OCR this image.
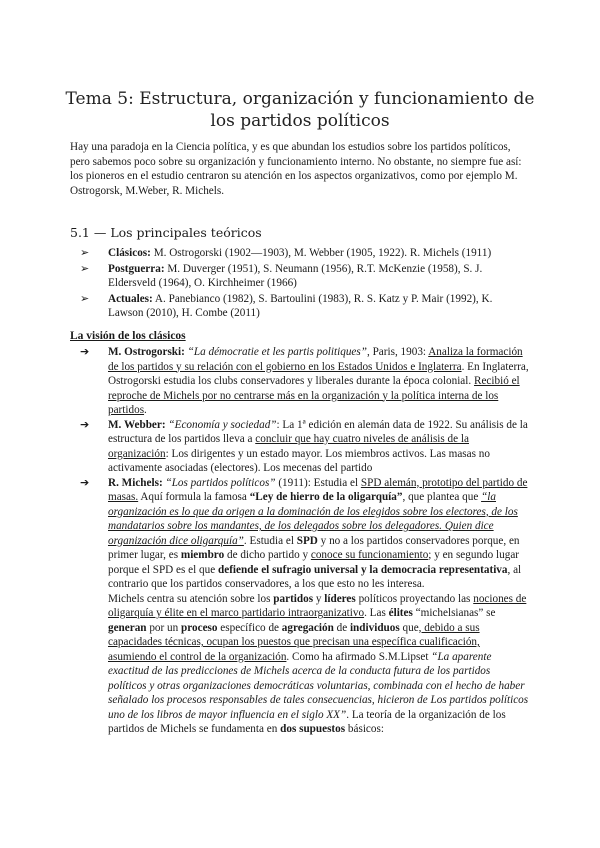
Tema 5: Estructura, organización y funcionamiento de los partidos políticos

Hay una paradoja en la Ciencia política, y es que abundan los estudios sobre los partidos políticos, pero sabemos poco sobre su organización y funcionamiento interno. No obstante, no siempre fue así: los pioneros en el estudio centraron su atención en los aspectos organizativos, como por ejemplo M. Ostrogorsk, M.Weber, R. Michels.

5.1 — Los principales teóricos
➢ Clásicos: M. Ostrogorski (1902—1903), M. Webber (1905, 1922). R. Michels (1911)
➢ Postguerra: M. Duverger (1951), S. Neumann (1956), R.T. McKenzie (1958), S. J. Eldersveld (1964), O. Kirchheimer (1966)
➢ Actuales: A. Panebianco (1982), S. Bartoulini (1983), R. S. Katz y P. Mair (1992), K. Lawson (2010), H. Combe (2011)

La visión de los clásicos

➔ M. Ostrogorski: “La démocratie et les partis politiques”, Paris, 1903: Analiza la formación de los partidos y su relación con el gobierno en los Estados Unidos e Inglaterra. En Inglaterra, Ostrogorski estudia los clubs conservadores y liberales durante la época colonial. Recibió el reproche de Michels por no centrarse más en la organización y la política interna de los partidos.
➔ M. Webber: “Economía y sociedad”: La 1ª edición en alemán data de 1922. Su análisis de la estructura de los partidos lleva a concluir que hay cuatro niveles de análisis de la organización: Los dirigentes y un estado mayor. Los miembros activos. Las masas no activamente asociadas (electores). Los mecenas del partido
➔ R. Michels: “Los partidos políticos” (1911): Estudia el SPD alemán, prototipo del partido de masas. Aquí formula la famosa “Ley de hierro de la oligarquía”, que plantea que “la organización es lo que da origen a la dominación de los elegidos sobre los electores, de los mandatarios sobre los mandantes, de los delegados sobre los delegadores. Quien dice organización dice oligarquía”. Estudia el SPD y no a los partidos conservadores porque, en primer lugar, es miembro de dicho partido y conoce su funcionamiento; y en segundo lugar porque el SPD es el que defiende el sufragio universal y la democracia representativa, al contrario que los partidos conservadores, a los que esto no les interesa.
Michels centra su atención sobre los partidos y líderes políticos proyectando las nociones de oligarquía y élite en el marco partidario intraorganizativo. Las élites “michelsianas” se generan por un proceso específico de agregación de individuos que, debido a sus capacidades técnicas, ocupan los puestos que precisan una específica cualificación, asumiendo el control de la organización. Como ha afirmado S.M.Lipset “La aparente exactitud de las predicciones de Michels acerca de la conducta futura de los partidos políticos y otras organizaciones democráticas voluntarias, combinada con el hecho de haber señalado los procesos responsables de tales consecuencias, hicieron de Los partidos políticos uno de los libros de mayor influencia en el siglo XX”. La teoría de la organización de los partidos de Michels se fundamenta en dos supuestos básicos:
